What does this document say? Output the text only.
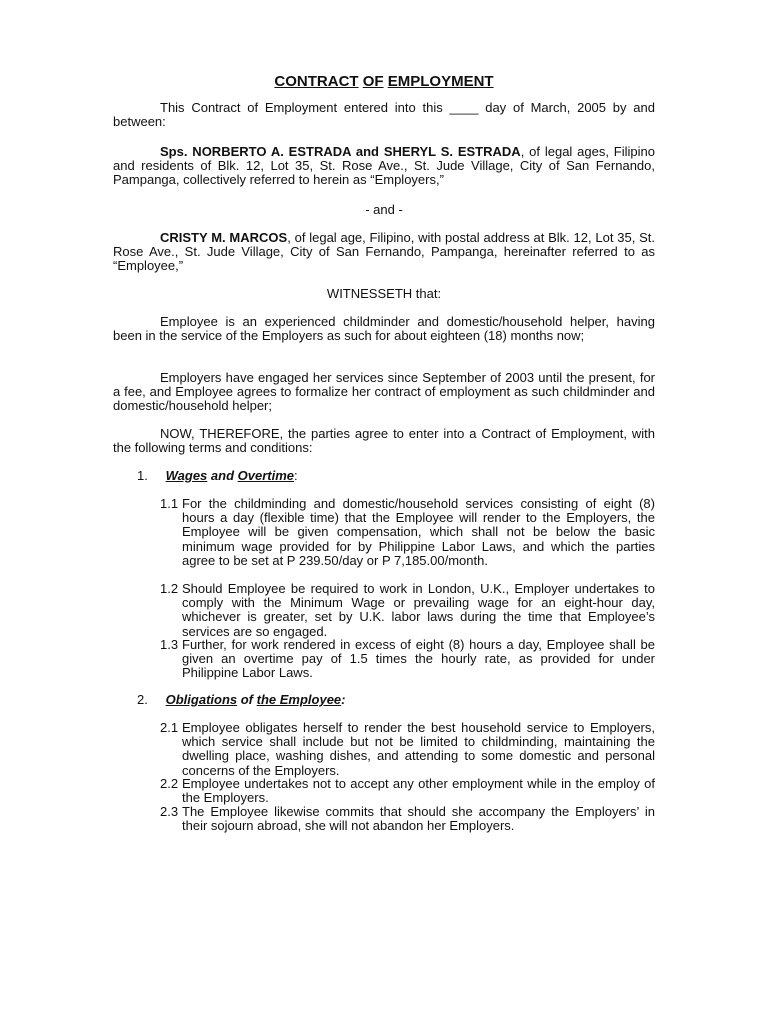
CONTRACT OF EMPLOYMENT

This Contract of Employment entered into this ____ day of March, 2005 by and between:

Sps. NORBERTO A. ESTRADA and SHERYL S. ESTRADA, of legal ages, Filipino and residents of Blk. 12, Lot 35, St. Rose Ave., St. Jude Village, City of San Fernando, Pampanga, collectively referred to herein as “Employers,”

- and -

CRISTY M. MARCOS, of legal age, Filipino, with postal address at Blk. 12, Lot 35, St. Rose Ave., St. Jude Village, City of San Fernando, Pampanga, hereinafter referred to as “Employee,”

WITNESSETH that:

Employee is an experienced childminder and domestic/household helper, having been in the service of the Employers as such for about eighteen (18) months now;

Employers have engaged her services since September of 2003 until the present, for a fee, and Employee agrees to formalize her contract of employment as such childminder and domestic/household helper;

NOW, THEREFORE, the parties agree to enter into a Contract of Employment, with the following terms and conditions:

1. Wages and Overtime:
1.1 For the childminding and domestic/household services consisting of eight (8) hours a day (flexible time) that the Employee will render to the Employers, the Employee will be given compensation, which shall not be below the basic minimum wage provided for by Philippine Labor Laws, and which the parties agree to be set at P 239.50/day or P 7,185.00/month.
1.2 Should Employee be required to work in London, U.K., Employer undertakes to comply with the Minimum Wage or prevailing wage for an eight-hour day, whichever is greater, set by U.K. labor laws during the time that Employee’s services are so engaged.
1.3 Further, for work rendered in excess of eight (8) hours a day, Employee shall be given an overtime pay of 1.5 times the hourly rate, as provided for under Philippine Labor Laws.
2. Obligations of the Employee:
2.1 Employee obligates herself to render the best household service to Employers, which service shall include but not be limited to childminding, maintaining the dwelling place, washing dishes, and attending to some domestic and personal concerns of the Employers.
2.2 Employee undertakes not to accept any other employment while in the employ of the Employers.
2.3 The Employee likewise commits that should she accompany the Employers’ in their sojourn abroad, she will not abandon her Employers.
